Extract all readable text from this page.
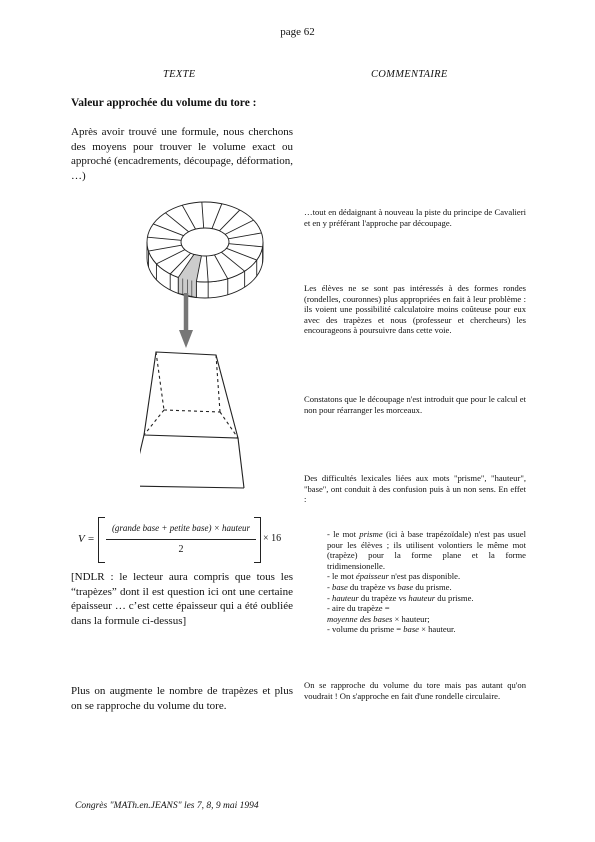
page 62
TEXTE	COMMENTAIRE
Valeur approchée du volume du tore :
Après avoir trouvé une formule, nous cherchons des moyens pour trouver le volume exact ou approché (encadrements, découpage, déformation, …)
V =
(grande base + petite base) × hauteur
2
× 16
[NDLR : le lecteur aura compris que tous les “trapèzes” dont il est question ici ont une certaine épaisseur … c’est cette épaisseur qui a été oubliée dans la formule ci-dessus]
Plus on augmente le nombre de trapèzes et plus on se rapproche du volume du tore.
…tout en dédaignant à nouveau la piste du principe de Cavalieri et en y préférant l'approche par découpage.
Les élèves ne se sont pas intéressés à des formes rondes (rondelles, couronnes) plus appropriées en fait à leur problème : ils voient une possibilité calculatoire moins coûteuse pour eux avec des trapèzes et nous (professeur et chercheurs) les encourageons à poursuivre dans cette voie.
Constatons que le découpage n'est introduit que pour le calcul et non pour réarranger les morceaux.
Des difficultés lexicales liées aux mots "prisme", "hauteur", "base", ont conduit à des confusion puis à un non sens. En effet :

- le mot prisme (ici à base trapézoïdale) n'est pas usuel pour les élèves ; ils utilisent volontiers le même mot (trapèze) pour la forme plane et la forme tridimensionelle.

- le mot épaisseur n'est pas disponible.

- base du trapèze vs base du prisme.

- hauteur du trapèze vs hauteur du prisme.

- aire du trapèze =

moyenne des bases × hauteur;

- volume du prisme = base × hauteur.

On se rapproche du volume du tore mais pas autant qu'on voudrait ! On s'approche en fait d'une rondelle circulaire.
Congrès "MATh.en.JEANS" les 7, 8, 9 mai 1994
